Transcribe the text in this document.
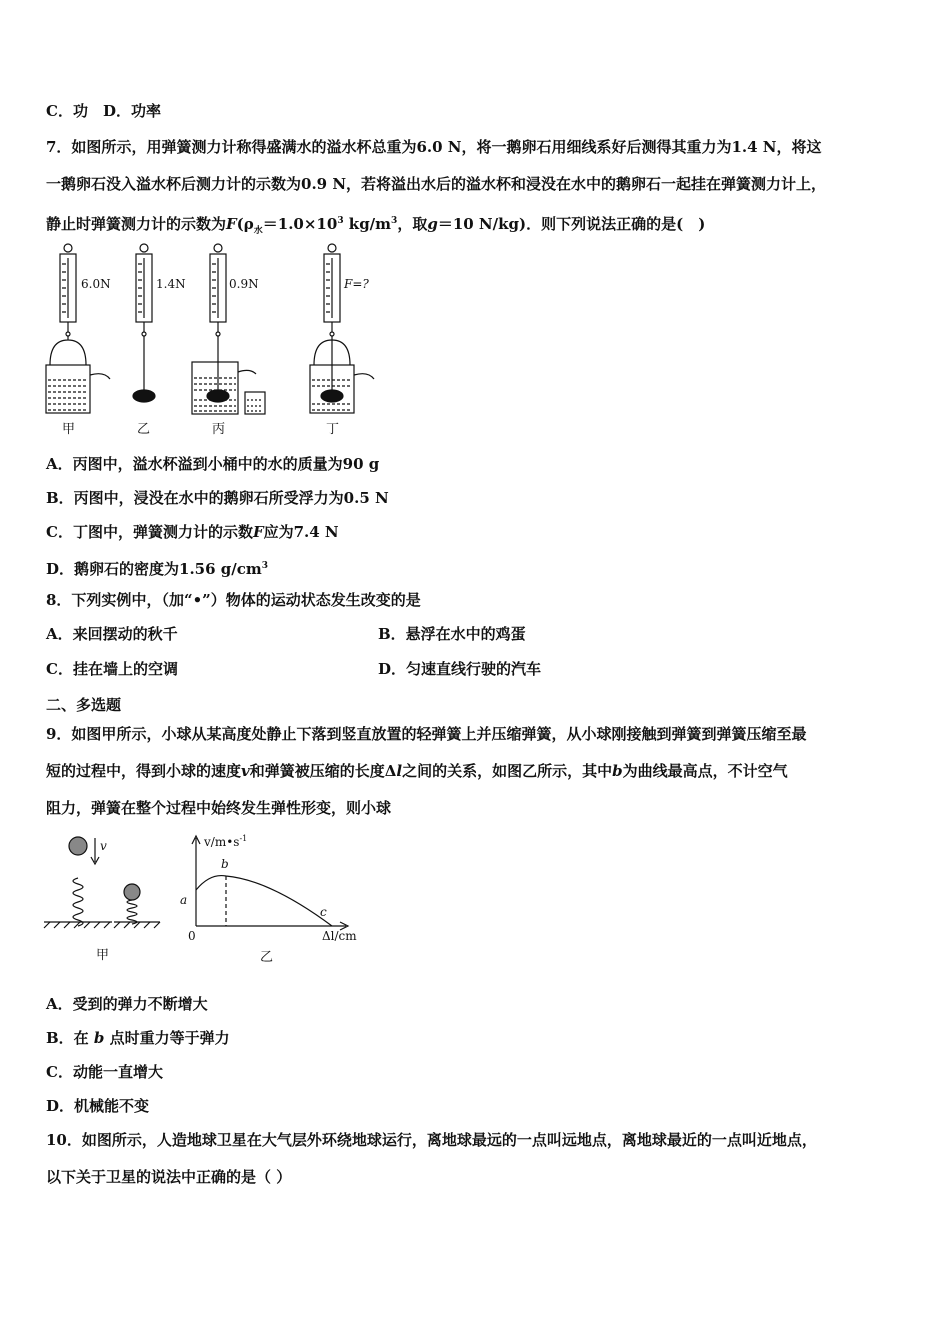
C．功　D．功率
7．如图所示，用弹簧测力计称得盛满水的溢水杯总重为6.0 N，将一鹅卵石用细线系好后测得其重力为1.4 N，将这
一鹅卵石没入溢水杯后测力计的示数为0.9 N，若将溢出水后的溢水杯和浸没在水中的鹅卵石一起挂在弹簧测力计上，
静止时弹簧测力计的示数为$F(\rho_水=1.0\times 10^3$ $kg/m^3$，取g＝10 N/kg)．则下列说法正确的是(　)
6.0N	1.4N	0.9N	F=?
甲	乙	丙	丁
A．丙图中，溢水杯溢到小桶中的水的质量为90 g
B．丙图中，浸没在水中的鹅卵石所受浮力为0.5 N
C．丁图中，弹簧测力计的示数F应为7.4 N
D．鹅卵石的密度为1.56 $g/cm^3$
8．下列实例中，（加“•”）物体的运动状态发生改变的是
A．来回摆动的秋千	B．悬浮在水中的鸡蛋
C．挂在墙上的空调	D．匀速直线行驶的汽车
二、多选题
9．如图甲所示，小球从某高度处静止下落到竖直放置的轻弹簧上并压缩弹簧，从小球刚接触到弹簧到弹簧压缩至最
短的过程中，得到小球的速度v和弹簧被压缩的长度Δl之间的关系，如图乙所示，其中b为曲线最高点，不计空气
阻力，弹簧在整个过程中始终发生弹性形变，则小球
v	$v/m•s^{-1}$
Δl/cm
0
a
b
c
甲	乙
A．受到的弹力不断增大
B．在 b 点时重力等于弹力
C．动能一直增大
D．机械能不变
10．如图所示，人造地球卫星在大气层外环绕地球运行，离地球最远的一点叫远地点，离地球最近的一点叫近地点，
以下关于卫星的说法中正确的是（ ）
